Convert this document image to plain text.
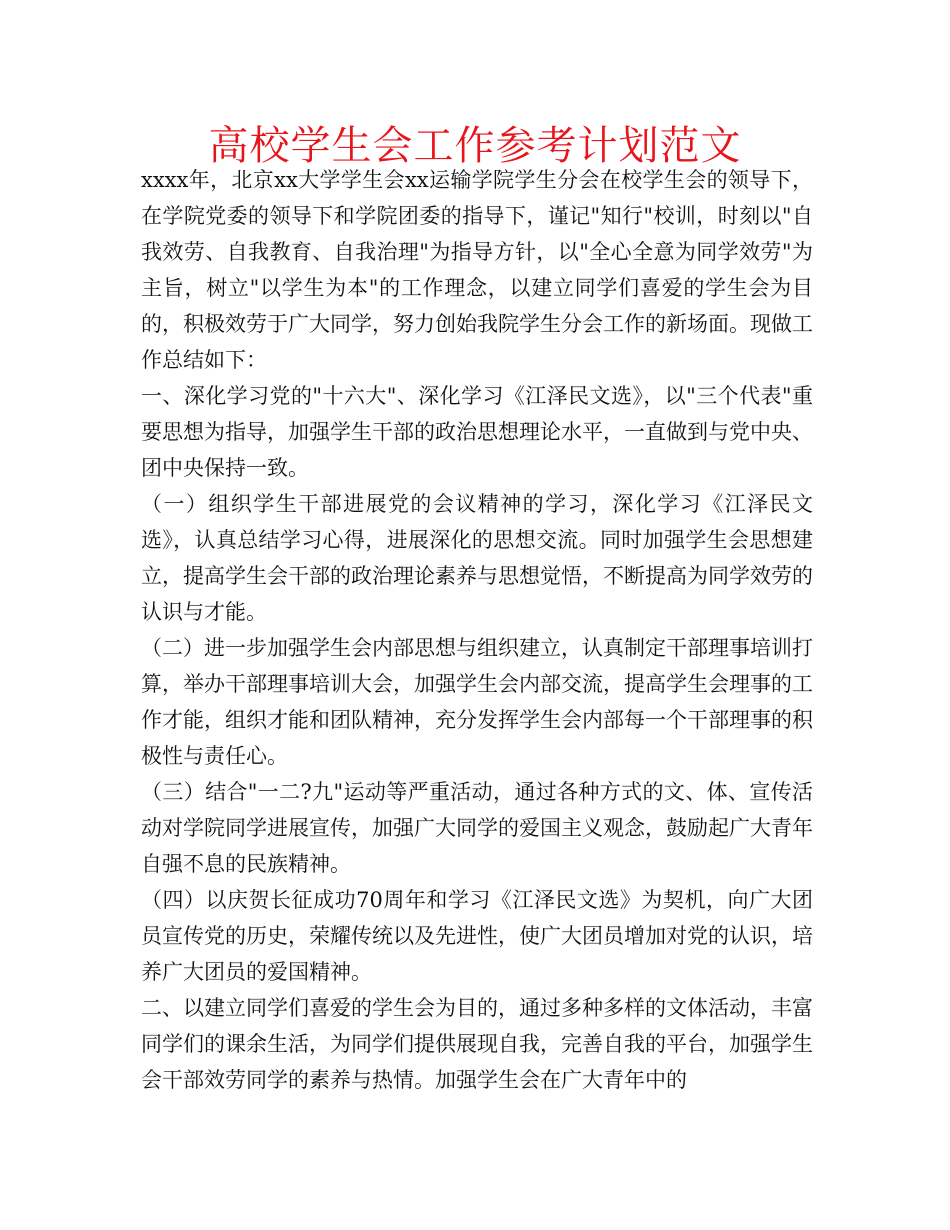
高校学生会工作参考计划范文

xxxx年，北京xx大学学生会xx运输学院学生分会在校学生会的领导下，在学院党委的领导下和学院团委的指导下，谨记"知行"校训，时刻以"自我效劳、自我教育、自我治理"为指导方针，以"全心全意为同学效劳"为主旨，树立"以学生为本"的工作理念，以建立同学们喜爱的学生会为目的，积极效劳于广大同学，努力创始我院学生分会工作的新场面。现做工作总结如下：

一、深化学习党的"十六大"、深化学习《江泽民文选》，以"三个代表"重要思想为指导，加强学生干部的政治思想理论水平，一直做到与党中央、团中央保持一致。

（一）组织学生干部进展党的会议精神的学习，深化学习《江泽民文选》，认真总结学习心得，进展深化的思想交流。同时加强学生会思想建立，提高学生会干部的政治理论素养与思想觉悟，不断提高为同学效劳的认识与才能。

（二）进一步加强学生会内部思想与组织建立，认真制定干部理事培训打算，举办干部理事培训大会，加强学生会内部交流，提高学生会理事的工作才能，组织才能和团队精神，充分发挥学生会内部每一个干部理事的积极性与责任心。

（三）结合"一二?九"运动等严重活动，通过各种方式的文、体、宣传活动对学院同学进展宣传，加强广大同学的爱国主义观念，鼓励起广大青年自强不息的民族精神。

（四）以庆贺长征成功70周年和学习《江泽民文选》为契机，向广大团员宣传党的历史，荣耀传统以及先进性，使广大团员增加对党的认识，培养广大团员的爱国精神。

二、以建立同学们喜爱的学生会为目的，通过多种多样的文体活动，丰富同学们的课余生活，为同学们提供展现自我，完善自我的平台，加强学生会干部效劳同学的素养与热情。加强学生会在广大青年中的
